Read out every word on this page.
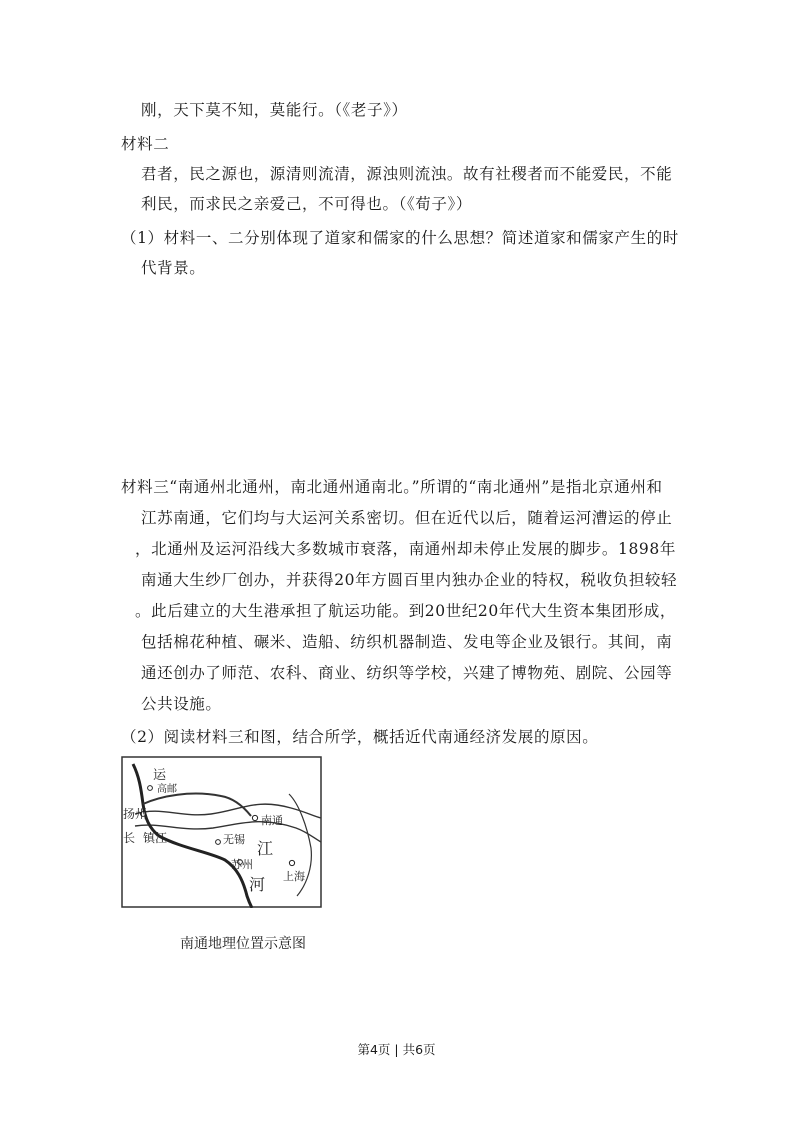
刚，天下莫不知，莫能行。（《老子》）
材料二
君者，民之源也，源清则流清，源浊则流浊。故有社稷者而不能爱民，不能
利民，而求民之亲爱己，不可得也。（《荀子》）
（1）材料一、二分别体现了道家和儒家的什么思想？简述道家和儒家产生的时
代背景。
材料三“南通州北通州，南北通州通南北。”所谓的“南北通州”是指北京通州和
江苏南通，它们均与大运河关系密切。但在近代以后，随着运河漕运的停止
，北通州及运河沿线大多数城市衰落，南通州却未停止发展的脚步。1898年
南通大生纱厂创办，并获得20年方圆百里内独办企业的特权，税收负担较轻
。此后建立的大生港承担了航运功能。到20世纪20年代大生资本集团形成，
包括棉花种植、碾米、造船、纺织机器制造、发电等企业及银行。其间，南
通还创办了师范、农科、商业、纺织等学校，兴建了博物苑、剧院、公园等
公共设施。
（2）阅读材料三和图，结合所学，概括近代南通经济发展的原因。
运
高邮
扬州
长 镇江
南通
无锡 江
苏州
河 上海
南通地理位置示意图
第4页 | 共6页
